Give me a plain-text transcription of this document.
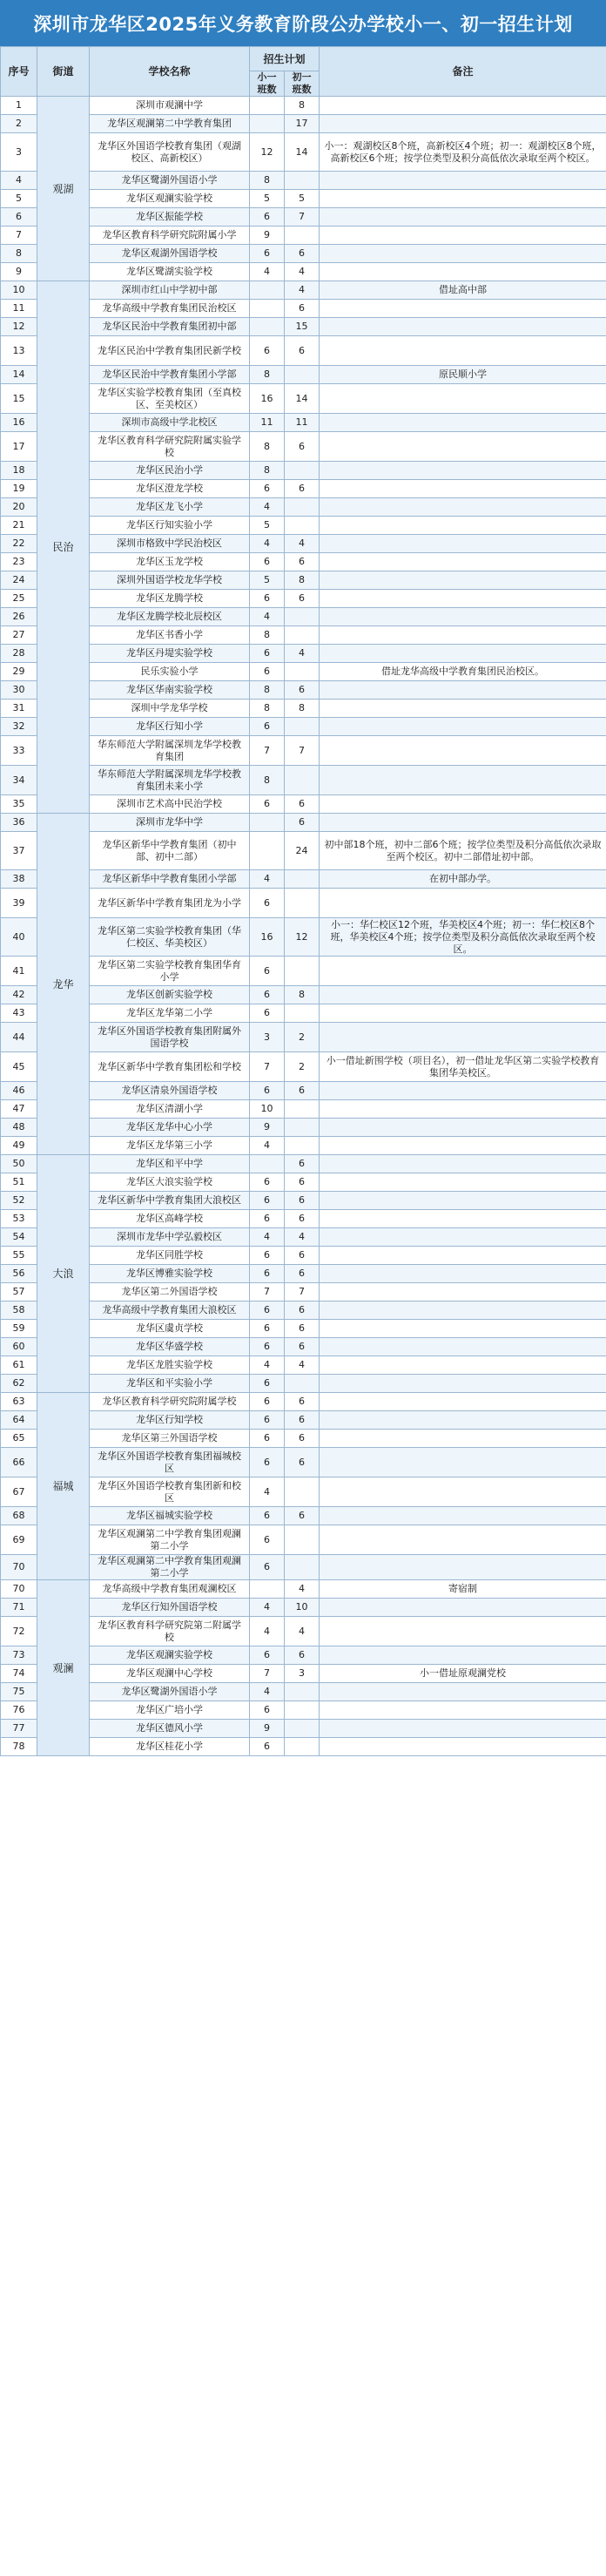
深圳市龙华区2025年义务教育阶段公办学校小一、初一招生计划
序号	街道	学校名称	招生计划		备注
			小一班数	初一班数	
1	观湖	深圳市观澜中学		8	
2		龙华区观澜第二中学教育集团		17	
3		龙华区外国语学校教育集团（观湖校区、高新校区）	12	14	小一：观湖校区8个班，高新校区4个班；初一：观湖校区8个班，高新校区6个班；按学位类型及积分高低依次录取至两个校区。
4		龙华区鹭湖外国语小学	8		
5		龙华区观澜实验学校	5	5	
6		龙华区振能学校	6	7	
7		龙华区教育科学研究院附属小学	9		
8		龙华区观湖外国语学校	6	6	
9		龙华区鹭湖实验学校	4	4	
10	民治	深圳市红山中学初中部		4	借址高中部
11		龙华高级中学教育集团民治校区		6	
12		龙华区民治中学教育集团初中部		15	
13		龙华区民治中学教育集团民新学校	6	6	
14		龙华区民治中学教育集团小学部	8		原民顺小学
15		龙华区实验学校教育集团（至真校区、至美校区）	16	14	
16		深圳市高级中学北校区	11	11	
17		龙华区教育科学研究院附属实验学校	8	6	
18		龙华区民治小学	8		
19		龙华区澄龙学校	6	6	
20		龙华区龙飞小学	4		
21		龙华区行知实验小学	5		
22		深圳市格致中学民治校区	4	4	
23		龙华区玉龙学校	6	6	
24		深圳外国语学校龙华学校	5	8	
25		龙华区龙腾学校	6	6	
26		龙华区龙腾学校北辰校区	4		
27		龙华区书香小学	8		
28		龙华区丹堤实验学校	6	4	
29		民乐实验小学	6		借址龙华高级中学教育集团民治校区。
30		龙华区华南实验学校	8	6	
31		深圳中学龙华学校	8	8	
32		龙华区行知小学	6		
33		华东师范大学附属深圳龙华学校教育集团	7	7	
34		华东师范大学附属深圳龙华学校教育集团未来小学	8		
35		深圳市艺术高中民治学校	6	6	
36	龙华	深圳市龙华中学		6	
37		龙华区新华中学教育集团（初中部、初中二部）		24	初中部18个班，初中二部6个班；按学位类型及积分高低依次录取至两个校区。初中二部借址初中部。
38		龙华区新华中学教育集团小学部	4		在初中部办学。
39		龙华区新华中学教育集团龙为小学	6		
40		龙华区第二实验学校教育集团（华仁校区、华美校区）	16	12	小一：华仁校区12个班，华美校区4个班；初一：华仁校区8个班，华美校区4个班；按学位类型及积分高低依次录取至两个校区。
41		龙华区第二实验学校教育集团华育小学	6		
42		龙华区创新实验学校	6	8	
43		龙华区龙华第二小学	6		
44		龙华区外国语学校教育集团附属外国语学校	3	2	
45		龙华区新华中学教育集团松和学校	7	2	小一借址新围学校（项目名），初一借址龙华区第二实验学校教育集团华美校区。
46		龙华区清泉外国语学校	6	6	
47		龙华区清湖小学	10		
48		龙华区龙华中心小学	9		
49		龙华区龙华第三小学	4		
50	大浪	龙华区和平中学		6	
51		龙华区大浪实验学校	6	6	
52		龙华区新华中学教育集团大浪校区	6	6	
53		龙华区高峰学校	6	6	
54		深圳市龙华中学弘毅校区	4	4	
55		龙华区同胜学校	6	6	
56		龙华区博雅实验学校	6	6	
57		龙华区第二外国语学校	7	7	
58		龙华高级中学教育集团大浪校区	6	6	
59		龙华区虞贞学校	6	6	
60		龙华区华盛学校	6	6	
61		龙华区龙胜实验学校	4	4	
62		龙华区和平实验小学	6		
63	福城	龙华区教育科学研究院附属学校	6	6	
64		龙华区行知学校	6	6	
65		龙华区第三外国语学校	6	6	
66		龙华区外国语学校教育集团福城校区	6	6	
67		龙华区外国语学校教育集团新和校区	4		
68		龙华区福城实验学校	6	6	
69		龙华区观澜第二中学教育集团观澜第二小学	6		
70		龙华区观澜第二中学教育集团观澜第二小学	6		
70	观澜	龙华高级中学教育集团观澜校区		4	寄宿制
71		龙华区行知外国语学校	4	10	
72		龙华区教育科学研究院第二附属学校	4	4	
73		龙华区观澜实验学校	6	6	
74		龙华区观澜中心学校	7	3	小一借址原观澜党校
75		龙华区鹭湖外国语小学	4		
76		龙华区广培小学	6		
77		龙华区德风小学	9		
78		龙华区桂花小学	6		
